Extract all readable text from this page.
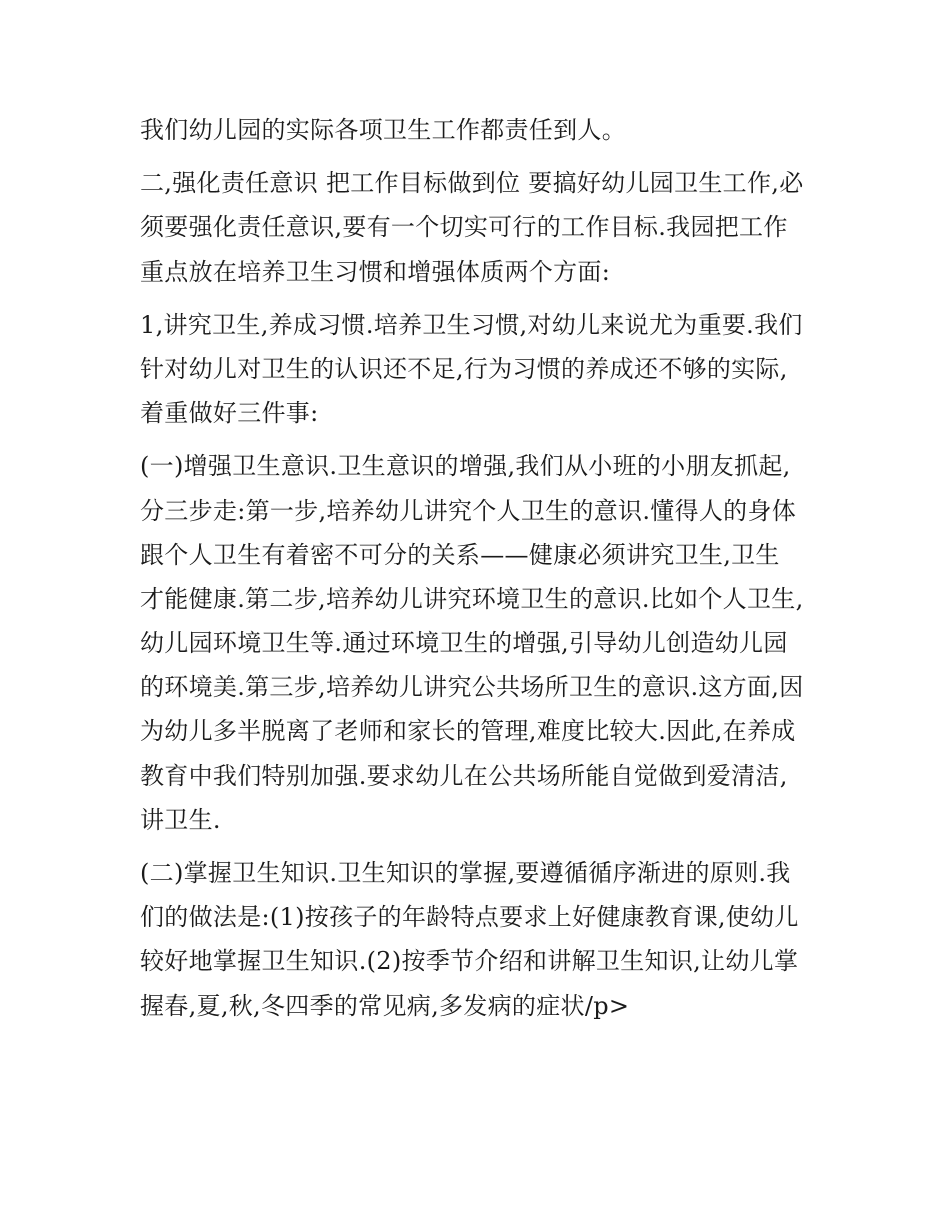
我们幼儿园的实际各项卫生工作都责任到人。
二,强化责任意识 把工作目标做到位 要搞好幼儿园卫生工作,必
须要强化责任意识,要有一个切实可行的工作目标.我园把工作
重点放在培养卫生习惯和增强体质两个方面:
1,讲究卫生,养成习惯.培养卫生习惯,对幼儿来说尤为重要.我们
针对幼儿对卫生的认识还不足,行为习惯的养成还不够的实际,
着重做好三件事:
(一)增强卫生意识.卫生意识的增强,我们从小班的小朋友抓起,
分三步走:第一步,培养幼儿讲究个人卫生的意识.懂得人的身体
跟个人卫生有着密不可分的关系——健康必须讲究卫生,卫生
才能健康.第二步,培养幼儿讲究环境卫生的意识.比如个人卫生,
幼儿园环境卫生等.通过环境卫生的增强,引导幼儿创造幼儿园
的环境美.第三步,培养幼儿讲究公共场所卫生的意识.这方面,因
为幼儿多半脱离了老师和家长的管理,难度比较大.因此,在养成
教育中我们特别加强.要求幼儿在公共场所能自觉做到爱清洁,
讲卫生.
(二)掌握卫生知识.卫生知识的掌握,要遵循循序渐进的原则.我
们的做法是:(1)按孩子的年龄特点要求上好健康教育课,使幼儿
较好地掌握卫生知识.(2)按季节介绍和讲解卫生知识,让幼儿掌
握春,夏,秋,冬四季的常见病,多发病的症状/p>
